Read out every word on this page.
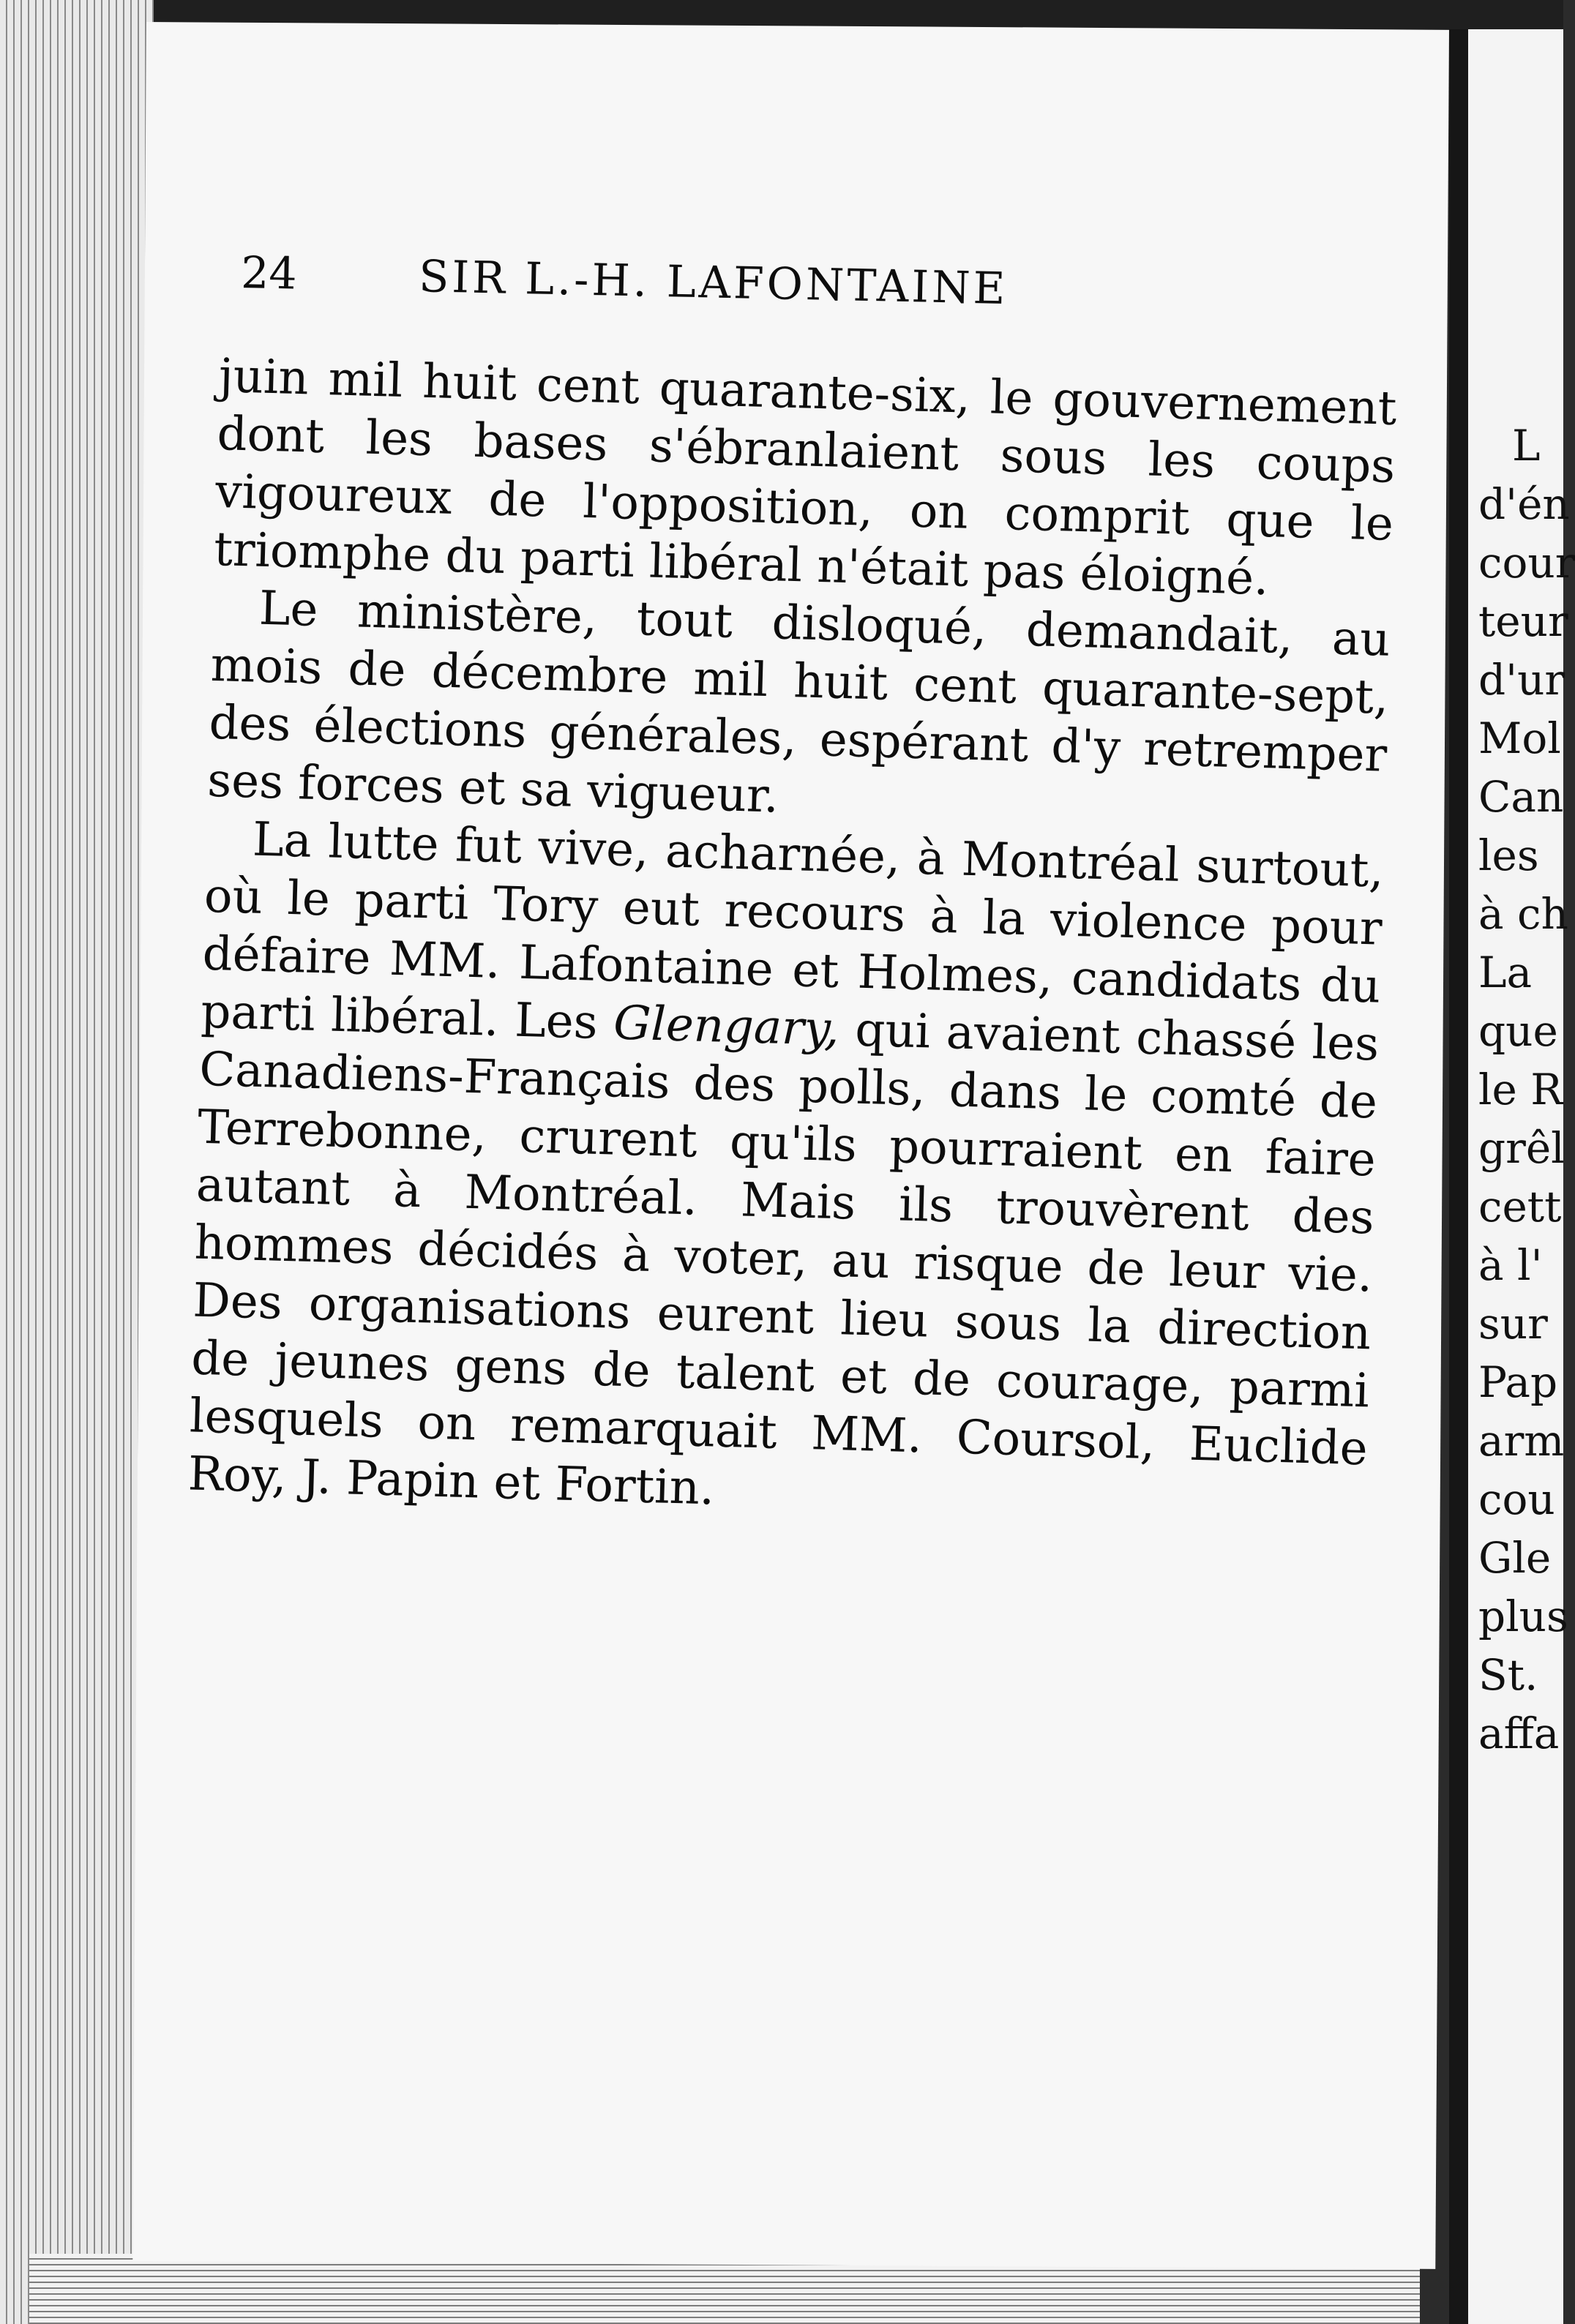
24	SIR L.-H. LAFONTAINE

juin mil huit cent quarante-six, le gouvernement dont les bases s'ébranlaient sous les coups vigoureux de l'opposition, on comprit que le triomphe du parti libéral n'était pas éloigné.

Le ministère, tout disloqué, demandait, au mois de décembre mil huit cent quarante-sept, des élections générales, espérant d'y retremper ses forces et sa vigueur.

La lutte fut vive, acharnée, à Montréal surtout, où le parti Tory eut recours à la violence pour défaire MM. Lafontaine et Holmes, candidats du parti libéral. Les Glengary, qui avaient chassé les Canadiens-Français des polls, dans le comté de Terrebonne, crurent qu'ils pourraient en faire autant à Montréal. Mais ils trouvèrent des hommes décidés à voter, au risque de leur vie. Des organisations eurent lieu sous la direction de jeunes gens de talent et de courage, parmi lesquels on remarquait MM. Coursol, Euclide Roy, J. Papin et Fortin.

L
d'én
cour
teur
d'ur
Mol
Can
les
à ch
La
que
le R
grêl
cett
à l'
sur
Pap
arm
cou
Gle
plus
St.
affa
